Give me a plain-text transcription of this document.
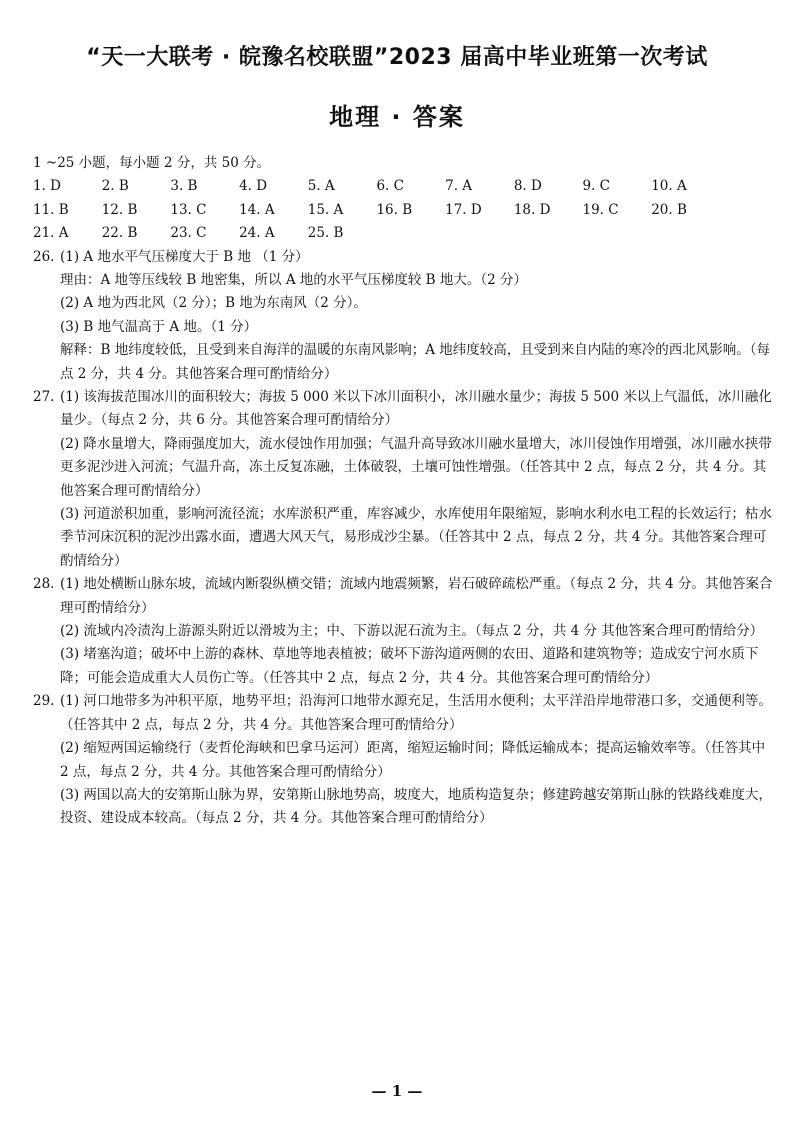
“天一大联考 · 皖豫名校联盟”2023 届高中毕业班第一次考试
地理 · 答案

1 ~25 小题，每小题 2 分，共 50 分。

1. D	2. B	3. B	4. D	5. A	6. C	7. A	8. D	9. C	10. A
11. B	12. B	13. C	14. A	15. A	16. B	17. D	18. D	19. C	20. B
21. A	22. B	23. C	24. A	25. B
26. (1) A 地水平气压梯度大于 B 地 （1 分）

理由：A 地等压线较 B 地密集，所以 A 地的水平气压梯度较 B 地大。（2 分）

(2) A 地为西北风（2 分）；B 地为东南风（2 分）。

(3) B 地气温高于 A 地。（1 分）

解释：B 地纬度较低，且受到来自海洋的温暖的东南风影响；A 地纬度较高，且受到来自内陆的寒冷的西北风影响。（每点 2 分，共 4 分。其他答案合理可酌情给分）

27. (1) 该海拔范围冰川的面积较大；海拔 5 000 米以下冰川面积小，冰川融水量少；海拔 5 500 米以上气温低，冰川融化量少。（每点 2 分，共 6 分。其他答案合理可酌情给分）

(2) 降水量增大，降雨强度加大，流水侵蚀作用加强；气温升高导致冰川融水量增大，冰川侵蚀作用增强，冰川融水挟带更多泥沙进入河流；气温升高，冻土反复冻融，土体破裂，土壤可蚀性增强。（任答其中 2 点，每点 2 分，共 4 分。其他答案合理可酌情给分）

(3) 河道淤积加重，影响河流径流；水库淤积严重，库容减少，水库使用年限缩短，影响水利水电工程的长效运行；枯水季节河床沉积的泥沙出露水面，遭遇大风天气，易形成沙尘暴。（任答其中 2 点，每点 2 分，共 4 分。其他答案合理可酌情给分）

28. (1) 地处横断山脉东坡，流域内断裂纵横交错；流域内地震频繁，岩石破碎疏松严重。（每点 2 分，共 4 分。其他答案合理可酌情给分）

(2) 流域内冷渍沟上游源头附近以滑坡为主；中、下游以泥石流为主。（每点 2 分，共 4 分 其他答案合理可酌情给分）

(3) 堵塞沟道；破坏中上游的森林、草地等地表植被；破坏下游沟道两侧的农田、道路和建筑物等；造成安宁河水质下降；可能会造成重大人员伤亡等。（任答其中 2 点，每点 2 分，共 4 分。其他答案合理可酌情给分）

29. (1) 河口地带多为冲积平原，地势平坦；沿海河口地带水源充足，生活用水便利；太平洋沿岸地带港口多，交通便利等。（任答其中 2 点，每点 2 分，共 4 分。其他答案合理可酌情给分）

(2) 缩短两国运输绕行（麦哲伦海峡和巴拿马运河）距离，缩短运输时间；降低运输成本；提高运输效率等。（任答其中 2 点，每点 2 分，共 4 分。其他答案合理可酌情给分）

(3) 两国以高大的安第斯山脉为界，安第斯山脉地势高，坡度大，地质构造复杂；修建跨越安第斯山脉的铁路线难度大，投资、建设成本较高。（每点 2 分，共 4 分。其他答案合理可酌情给分）

— 1 —
